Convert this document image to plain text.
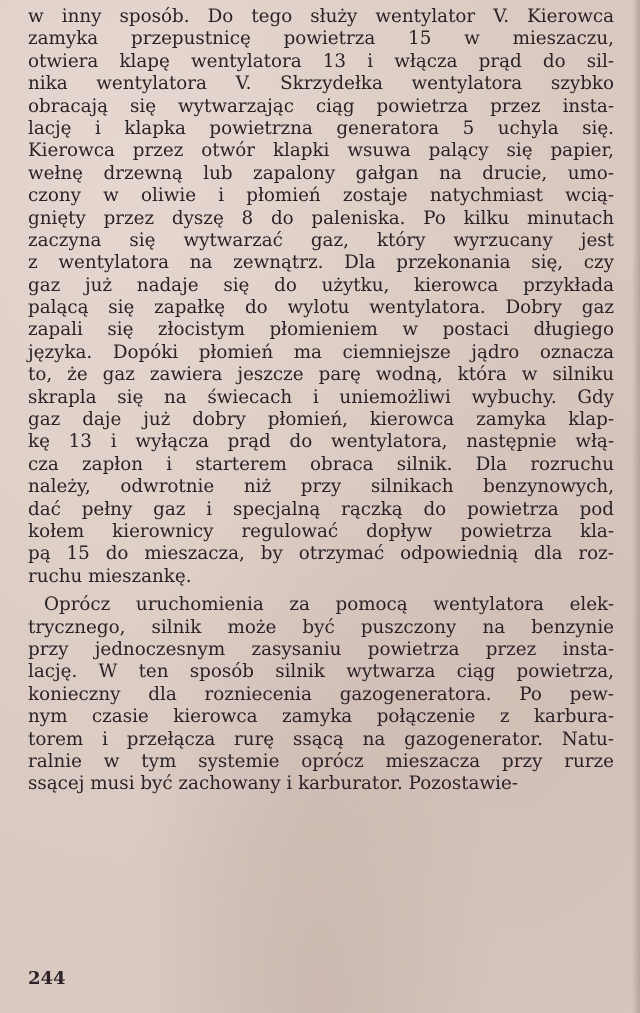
w inny sposób. Do tego służy wentylator V. Kierowca
zamyka przepustnicę powietrza 15 w mieszaczu,
otwiera klapę wentylatora 13 i włącza prąd do sil-
nika wentylatora V. Skrzydełka wentylatora szybko
obracają się wytwarzając ciąg powietrza przez insta-
lację i klapka powietrzna generatora 5 uchyla się.
Kierowca przez otwór klapki wsuwa palący się papier,
wełnę drzewną lub zapalony gałgan na drucie, umo-
czony w oliwie i płomień zostaje natychmiast wcią-
gnięty przez dyszę 8 do paleniska. Po kilku minutach
zaczyna się wytwarzać gaz, który wyrzucany jest
z wentylatora na zewnątrz. Dla przekonania się, czy
gaz już nadaje się do użytku, kierowca przykłada
palącą się zapałkę do wylotu wentylatora. Dobry gaz
zapali się złocistym płomieniem w postaci długiego
języka. Dopóki płomień ma ciemniejsze jądro oznacza
to, że gaz zawiera jeszcze parę wodną, która w silniku
skrapla się na świecach i uniemożliwi wybuchy. Gdy
gaz daje już dobry płomień, kierowca zamyka klap-
kę 13 i wyłącza prąd do wentylatora, następnie włą-
cza zapłon i starterem obraca silnik. Dla rozruchu
należy, odwrotnie niż przy silnikach benzynowych,
dać pełny gaz i specjalną rączką do powietrza pod
kołem kierownicy regulować dopływ powietrza kla-
pą 15 do mieszacza, by otrzymać odpowiednią dla roz-
ruchu mieszankę.
Oprócz uruchomienia za pomocą wentylatora elek-
trycznego, silnik może być puszczony na benzynie
przy jednoczesnym zasysaniu powietrza przez insta-
lację. W ten sposób silnik wytwarza ciąg powietrza,
konieczny dla rozniecenia gazogeneratora. Po pew-
nym czasie kierowca zamyka połączenie z karbura-
torem i przełącza rurę ssącą na gazogenerator. Natu-
ralnie w tym systemie oprócz mieszacza przy rurze
ssącej musi być zachowany i karburator. Pozostawie-
244
